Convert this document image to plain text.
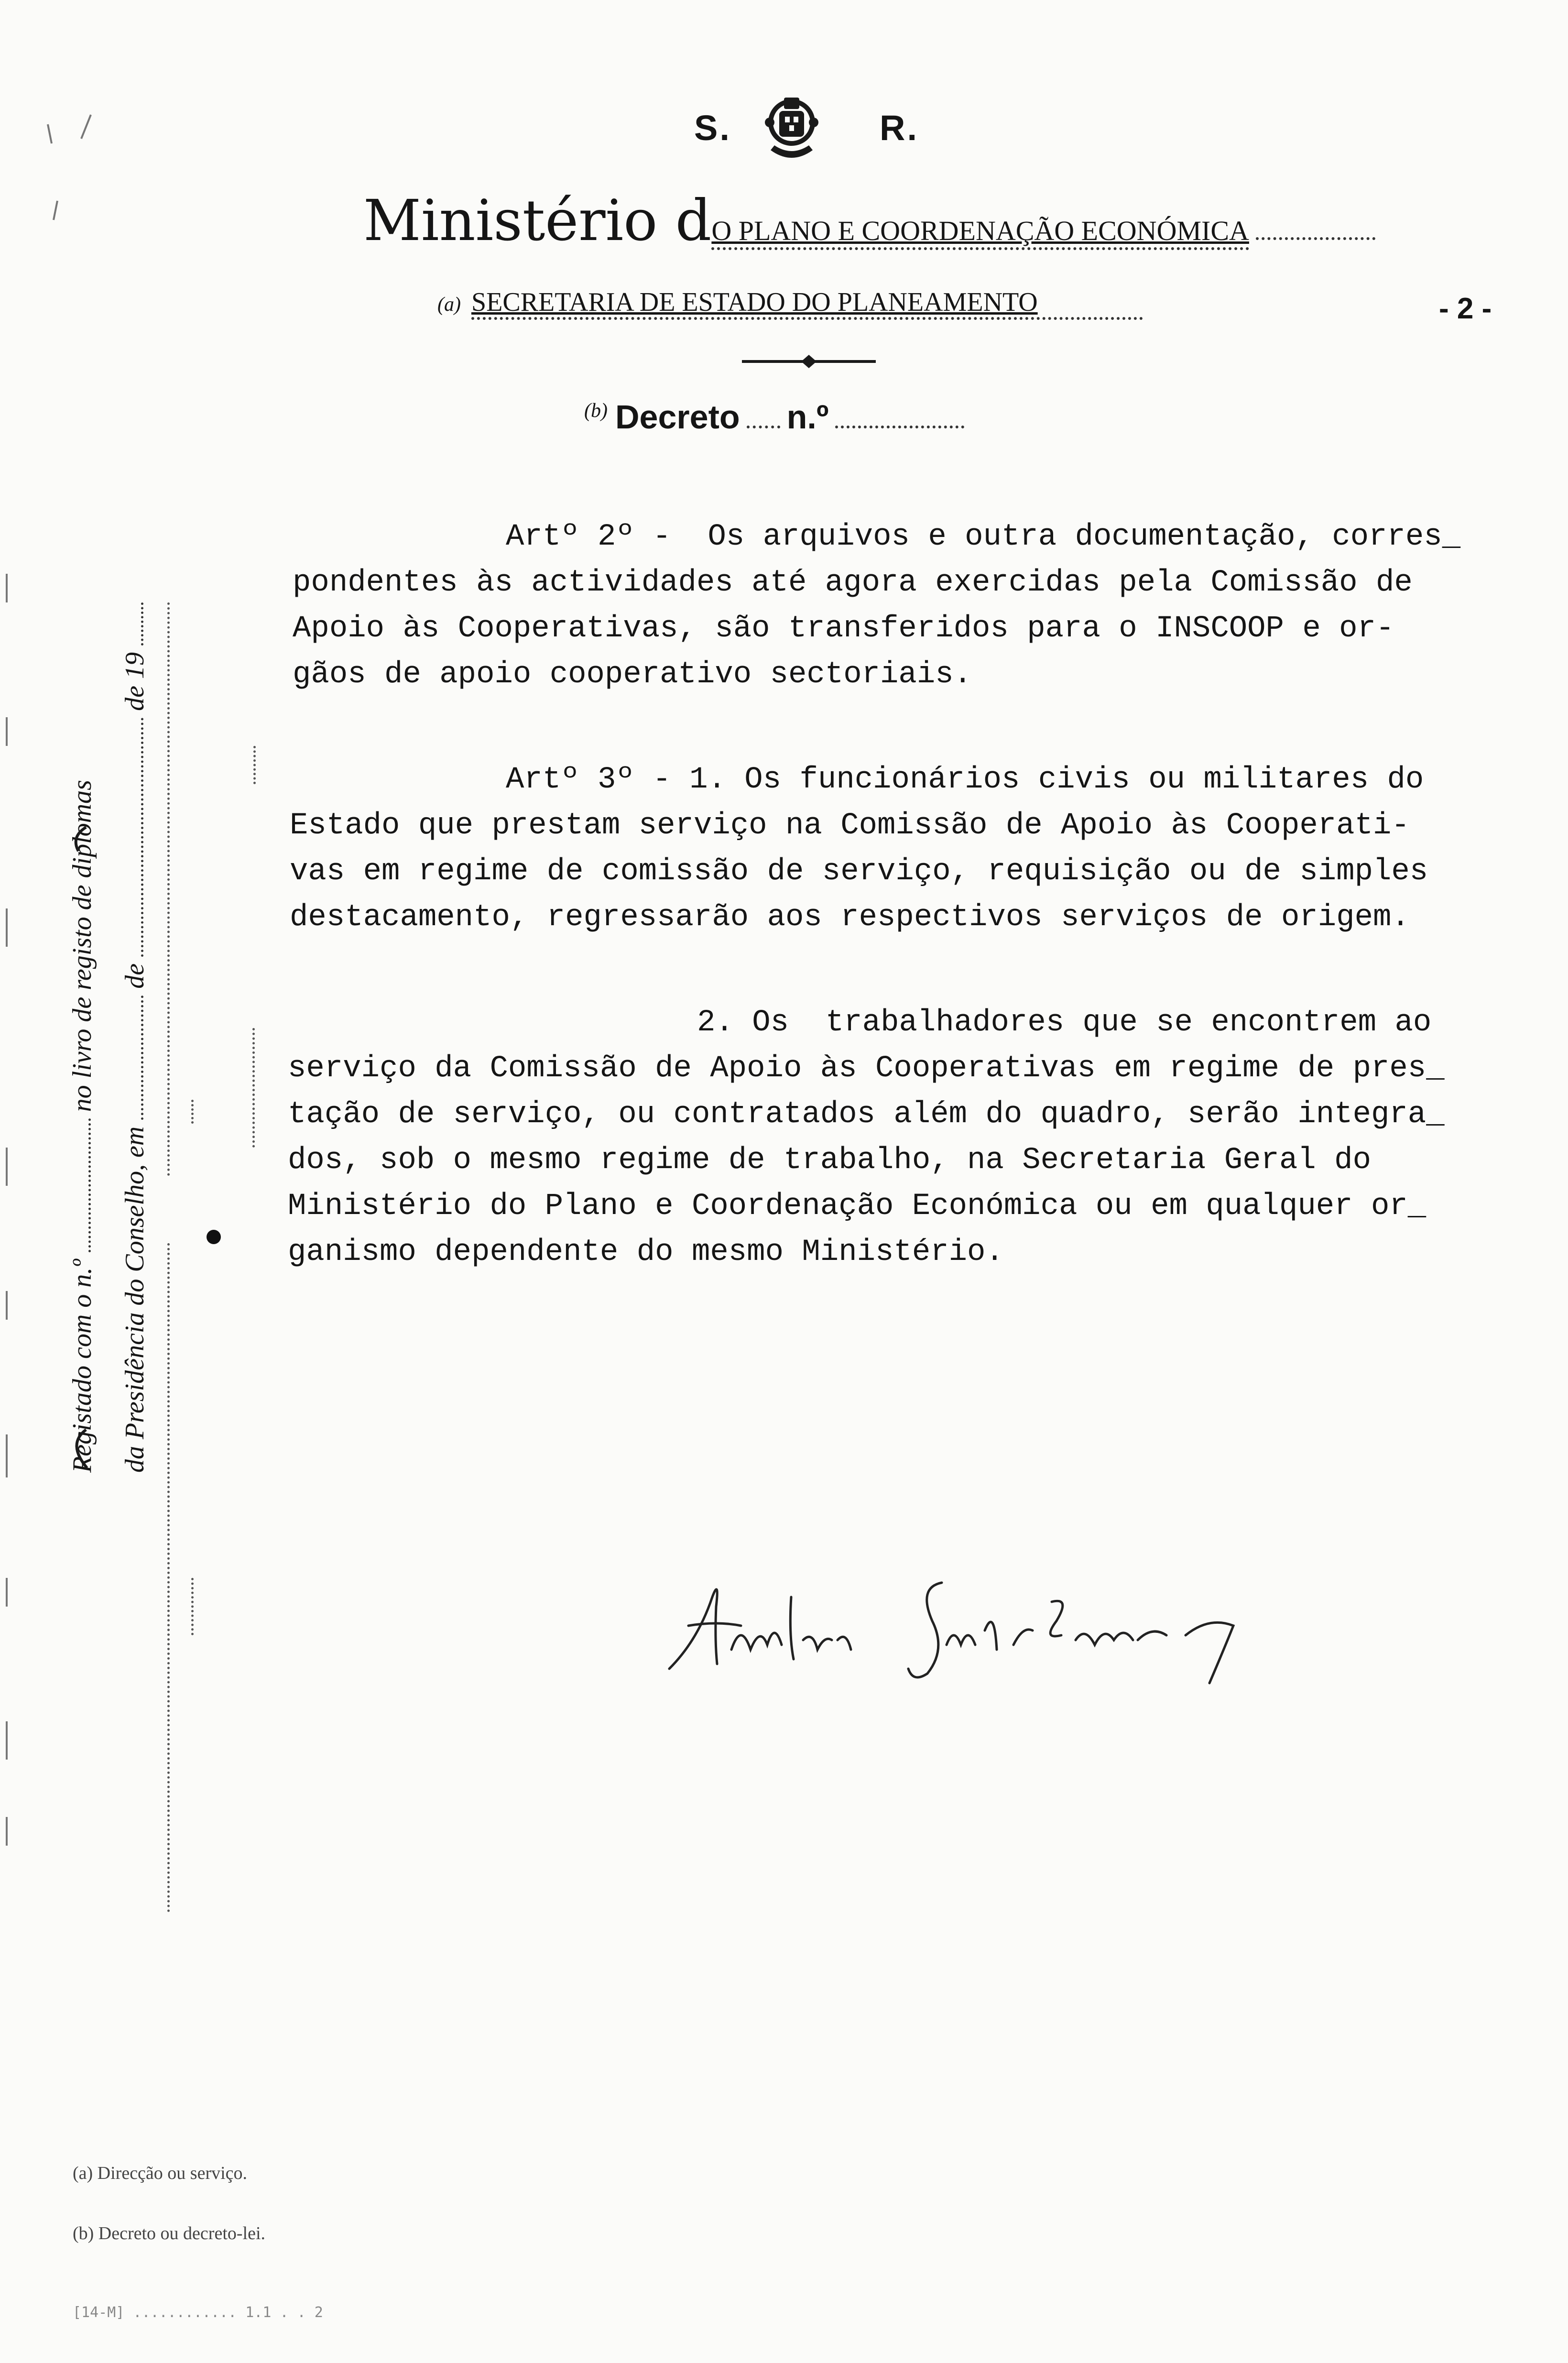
S.	R.
Ministério dO PLANO E COORDENAÇÃO ECONÓMICA
(a) SECRETARIA DE ESTADO DO PLANEAMENTO	- 2 -
$^{(b)}$ Decreto n.º
Artº 2º -  Os arquivos e outra documentação, corres_
pondentes às actividades até agora exercidas pela Comissão de
Apoio às Cooperativas, são transferidos para o INSCOOP e or-
gãos de apoio cooperativo sectoriais.
Artº 3º - 1. Os funcionários civis ou militares do
Estado que prestam serviço na Comissão de Apoio às Cooperati-
vas em regime de comissão de serviço, requisição ou de simples
destacamento, regressarão aos respectivos serviços de origem.
2. Os  trabalhadores que se encontrem ao
serviço da Comissão de Apoio às Cooperativas em regime de pres_
tação de serviço, ou contratados além do quadro, serão integra_
dos, sob o mesmo regime de trabalho, na Secretaria Geral do
Ministério do Plano e Coordenação Económica ou em qualquer or_
ganismo dependente do mesmo Ministério.
Registado com o n.ºno livro de registo de diplomas
da Presidência do Conselho, emdede 19

(a) Direcção ou serviço.

(b) Decreto ou decreto-lei.

[14-M] ............ 1.1 . . 2
